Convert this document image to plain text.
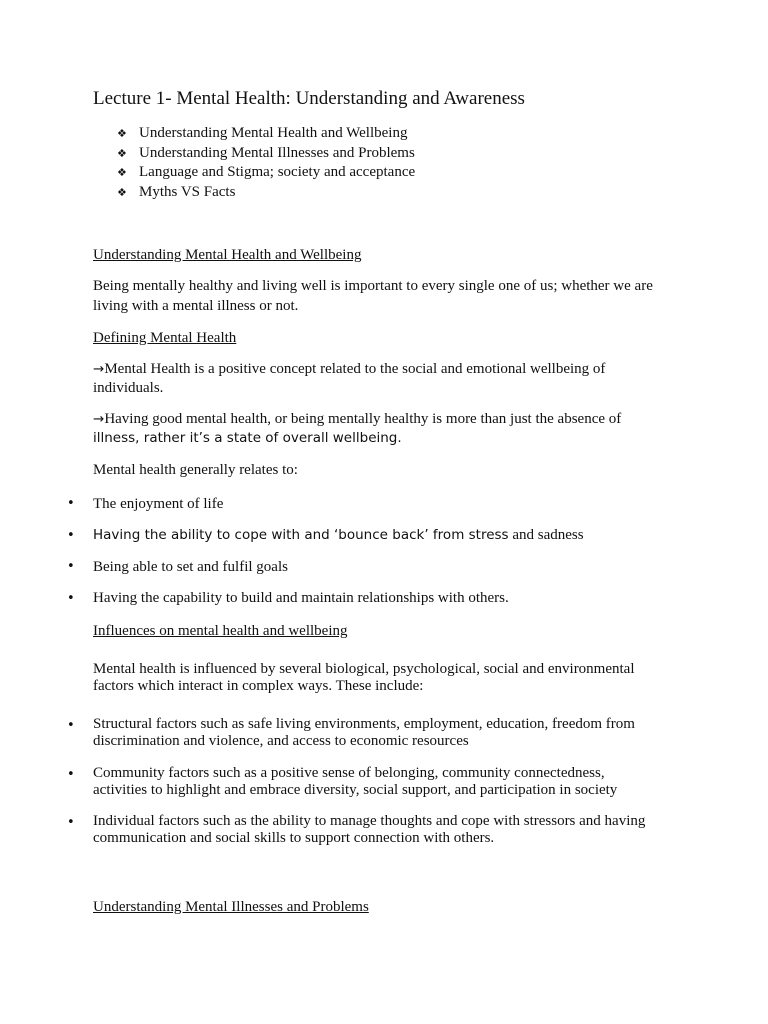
Lecture 1- Mental Health: Understanding and Awareness
❖ Understanding Mental Health and Wellbeing
❖ Understanding Mental Illnesses and Problems
❖ Language and Stigma; society and acceptance
❖ Myths VS Facts
Understanding Mental Health and Wellbeing
Being mentally healthy and living well is important to every single one of us; whether we are
living with a mental illness or not.
Defining Mental Health
→Mental Health is a positive concept related to the social and emotional wellbeing of
individuals.
→Having good mental health, or being mentally healthy is more than just the absence of
illness, rather it’s a state of overall wellbeing.
Mental health generally relates to:
• The enjoyment of life
• Having the ability to cope with and ‘bounce back’ from stress and sadness
• Being able to set and fulfil goals
• Having the capability to build and maintain relationships with others.
Influences on mental health and wellbeing
Mental health is influenced by several biological, psychological, social and environmental
factors which interact in complex ways. These include:
• Structural factors such as safe living environments, employment, education, freedom from
discrimination and violence, and access to economic resources
• Community factors such as a positive sense of belonging, community connectedness,
activities to highlight and embrace diversity, social support, and participation in society
• Individual factors such as the ability to manage thoughts and cope with stressors and having
communication and social skills to support connection with others.
Understanding Mental Illnesses and Problems
